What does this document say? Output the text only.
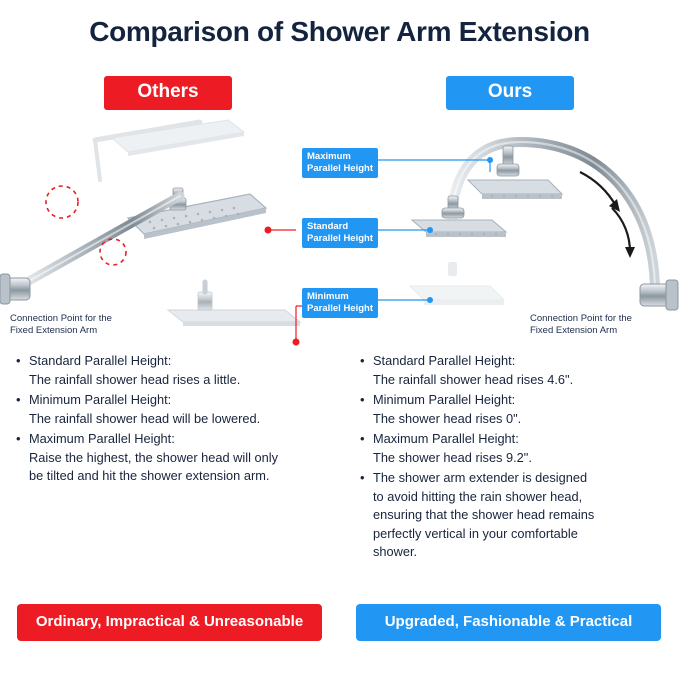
Comparison of Shower Arm Extension
Others	Ours
Maximum
Parallel Height
Standard
Parallel Height
Minimum
Parallel Height
Connection Point for the
Fixed Extension Arm
Connection Point for the
Fixed Extension Arm
• Standard Parallel Height:
The rainfall shower head rises a little.
• Minimum Parallel Height:
The rainfall shower head will be lowered.
• Maximum Parallel Height:
Raise the highest, the shower head will only
be tilted and hit the shower extension arm.
• Standard Parallel Height:
The rainfall shower head rises 4.6".
• Minimum Parallel Height:
The shower head rises 0".
• Maximum Parallel Height:
The shower head rises 9.2".
• The shower arm extender is designed
to avoid hitting the rain shower head,
ensuring that the shower head remains
perfectly vertical in your comfortable
shower.
Ordinary, Impractical & Unreasonable	Upgraded, Fashionable & Practical
